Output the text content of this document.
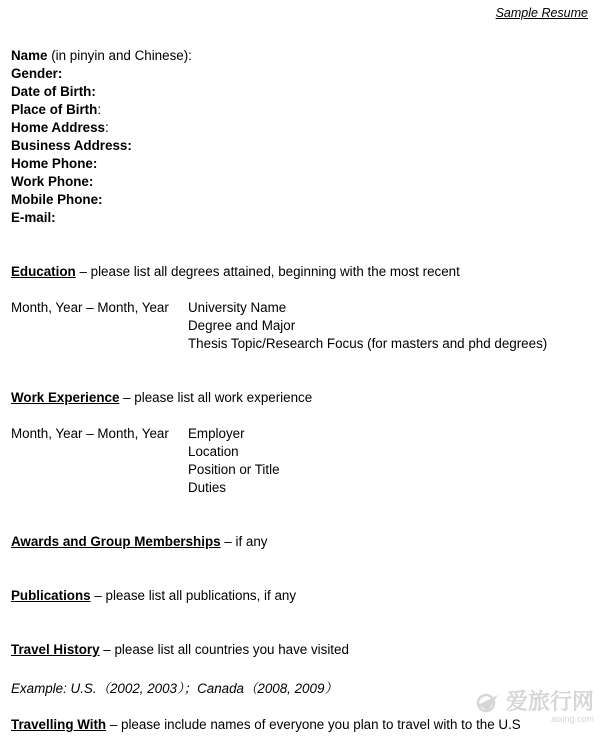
Sample Resume
Name (in pinyin and Chinese):
Gender:
Date of Birth:
Place of Birth:
Home Address:
Business Address:
Home Phone:
Work Phone:
Mobile Phone:
E-mail:
Education – please list all degrees attained, beginning with the most recent
Month, Year – Month, Year University Name
Degree and Major
Thesis Topic/Research Focus (for masters and phd degrees)
Work Experience – please list all work experience
Month, Year – Month, Year Employer
Location
Position or Title
Duties
Awards and Group Memberships – if any
Publications – please list all publications, if any
Travel History – please list all countries you have visited
Example: U.S.（2002, 2003）；Canada（2008, 2009）
爱旅行网
aixing.com
Travelling With – please include names of everyone you plan to travel with to the U.S
